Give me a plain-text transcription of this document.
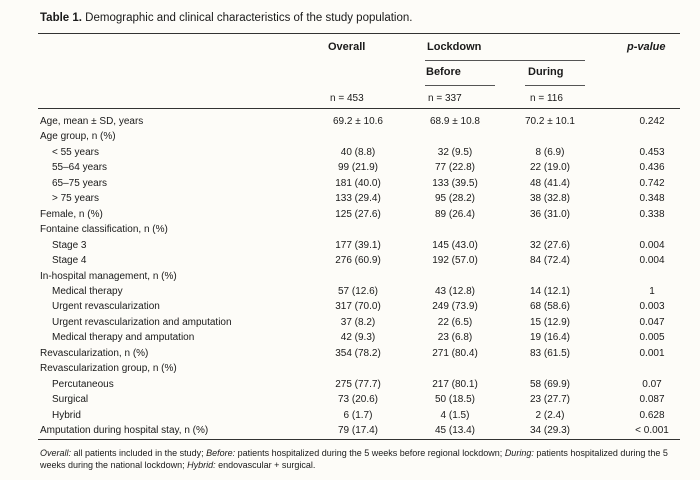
Table 1. Demographic and clinical characteristics of the study population.
Overall	Lockdown	p-value
Before	During
n = 453	n = 337	n = 116
Age, mean ± SD, years	69.2 ± 10.6	68.9 ± 10.8	70.2 ± 10.1	0.242
Age group, n (%)
< 55 years	40 (8.8)	32 (9.5)	8 (6.9)	0.453
55–64 years	99 (21.9)	77 (22.8)	22 (19.0)	0.436
65–75 years	181 (40.0)	133 (39.5)	48 (41.4)	0.742
> 75 years	133 (29.4)	95 (28.2)	38 (32.8)	0.348
Female, n (%)	125 (27.6)	89 (26.4)	36 (31.0)	0.338
Fontaine classification, n (%)
Stage 3	177 (39.1)	145 (43.0)	32 (27.6)	0.004
Stage 4	276 (60.9)	192 (57.0)	84 (72.4)	0.004
In-hospital management, n (%)
Medical therapy	57 (12.6)	43 (12.8)	14 (12.1)	1
Urgent revascularization	317 (70.0)	249 (73.9)	68 (58.6)	0.003
Urgent revascularization and amputation	37 (8.2)	22 (6.5)	15 (12.9)	0.047
Medical therapy and amputation	42 (9.3)	23 (6.8)	19 (16.4)	0.005
Revascularization, n (%)	354 (78.2)	271 (80.4)	83 (61.5)	0.001
Revascularization group, n (%)
Percutaneous	275 (77.7)	217 (80.1)	58 (69.9)	0.07
Surgical	73 (20.6)	50 (18.5)	23 (27.7)	0.087
Hybrid	6 (1.7)	4 (1.5)	2 (2.4)	0.628
Amputation during hospital stay, n (%)	79 (17.4)	45 (13.4)	34 (29.3)	< 0.001
Overall: all patients included in the study; Before: patients hospitalized during the 5 weeks before regional lockdown; During: patients hospitalized during the 5 weeks during the national lockdown; Hybrid: endovascular + surgical.
